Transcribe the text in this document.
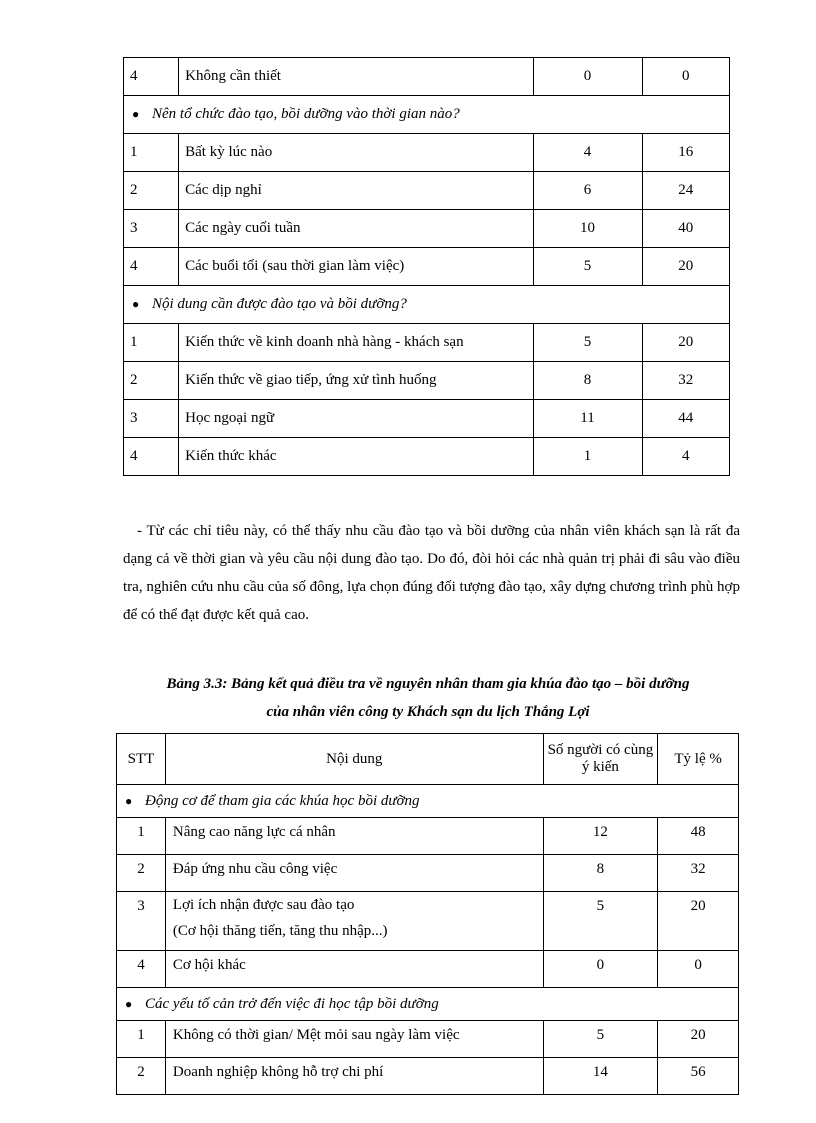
4	Không cần thiết	0	0
● Nên tổ chức đào tạo, bồi dưỡng vào thời gian nào?			
1	Bất kỳ lúc nào	4	16
2	Các dịp nghỉ	6	24
3	Các ngày cuối tuần	10	40
4	Các buổi tối (sau thời gian làm việc)	5	20
● Nội dung cần được đào tạo và bồi dưỡng?			
1	Kiến thức về kinh doanh nhà hàng - khách sạn	5	20
2	Kiến thức về giao tiếp, ứng xử tình huống	8	32
3	Học ngoại ngữ	11	44
4	Kiến thức khác	1	4

- Từ các chỉ tiêu này, có thể thấy nhu cầu đào tạo và bồi dưỡng của nhân viên khách sạn là rất đa dạng cả về thời gian và yêu cầu nội dung đào tạo. Do đó, đòi hỏi các nhà quản trị phải đi sâu vào điều tra, nghiên cứu nhu cầu của số đông, lựa chọn đúng đối tượng đào tạo, xây dựng chương trình phù hợp để có thể đạt được kết quả cao.

Bảng 3.3: Bảng kết quả điều tra về nguyên nhân tham gia khúa đào tạo – bồi dưỡng
của nhân viên công ty Khách sạn du lịch Thắng Lợi
STT	Nội dung	Số người có cùng ý kiến	Tỷ lệ %
● Động cơ để tham gia các khúa học bồi dưỡng			
1	Nâng cao năng lực cá nhân	12	48
2	Đáp ứng nhu cầu công việc	8	32
3	Lợi ích nhận được sau đào tạo
(Cơ hội thăng tiến, tăng thu nhập...)	5	20
4	Cơ hội khác	0	0
● Các yếu tố cản trở đến việc đi học tập bồi dưỡng			
1	Không có thời gian/ Mệt mỏi sau ngày làm việc	5	20
2	Doanh nghiệp không hỗ trợ chi phí	14	56
